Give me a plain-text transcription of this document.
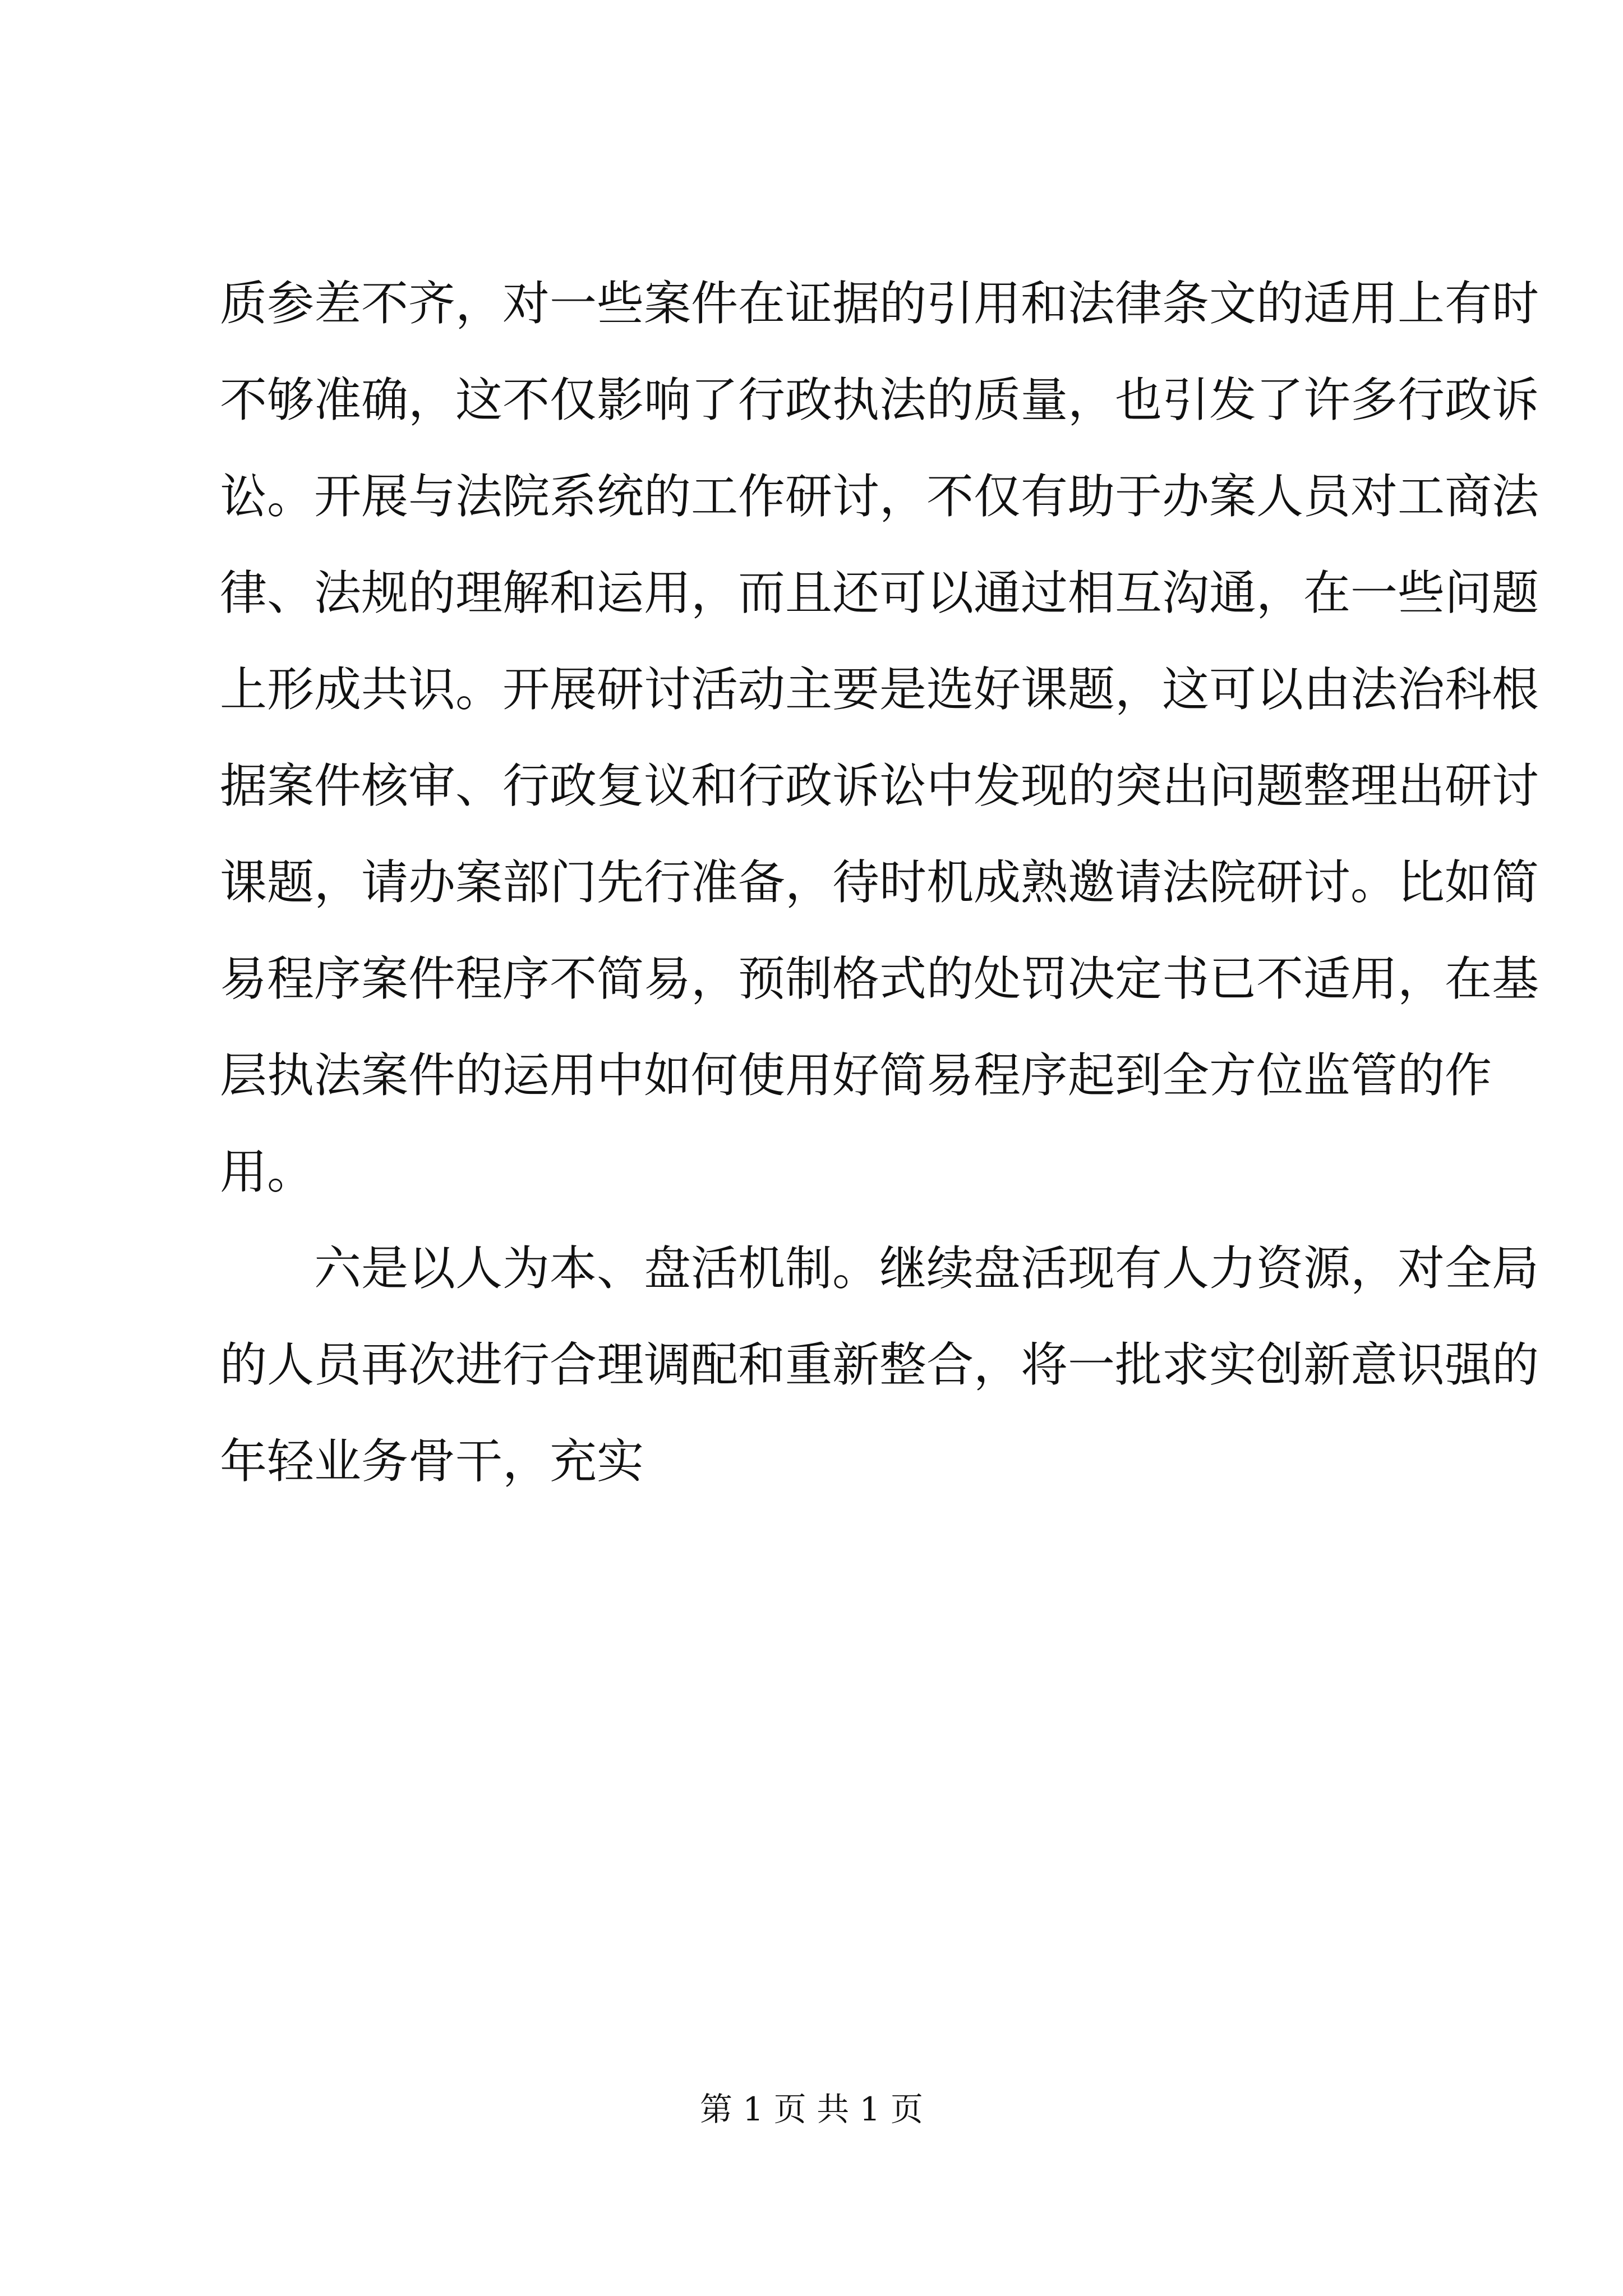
质参差不齐，对一些案件在证据的引用和法律条文的适用上有时
不够准确，这不仅影响了行政执法的质量，也引发了许多行政诉
讼。开展与法院系统的工作研讨，不仅有助于办案人员对工商法
律、法规的理解和运用，而且还可以通过相互沟通，在一些问题
上形成共识。开展研讨活动主要是选好课题，这可以由法治科根
据案件核审、行政复议和行政诉讼中发现的突出问题整理出研讨
课题，请办案部门先行准备，待时机成熟邀请法院研讨。比如简
易程序案件程序不简易，预制格式的处罚决定书已不适用，在基
层执法案件的运用中如何使用好简易程序起到全方位监管的作
用。
六是以人为本、盘活机制。继续盘活现有人力资源，对全局
的人员再次进行合理调配和重新整合，将一批求实创新意识强的
年轻业务骨干，充实
第 1 页 共 1 页
